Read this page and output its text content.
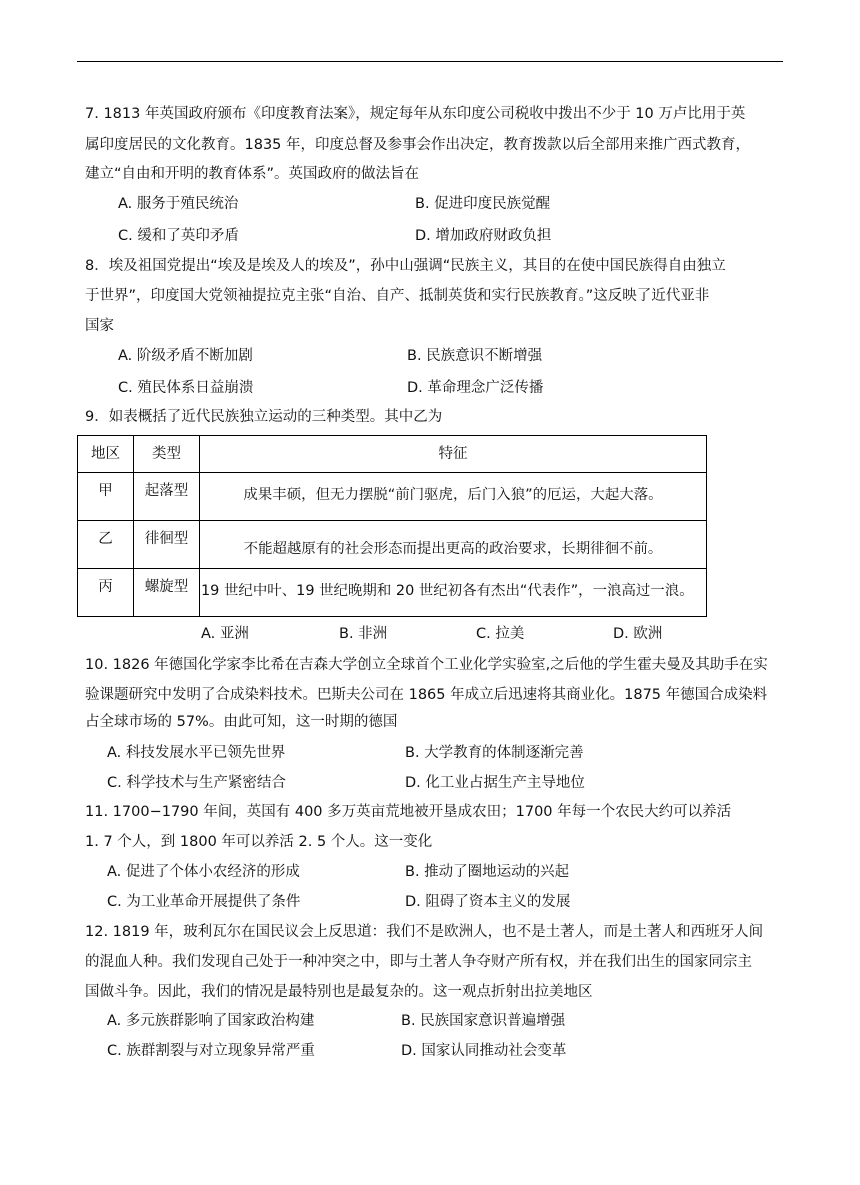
7. 1813 年英国政府颁布《印度教育法案》，规定每年从东印度公司税收中拨出不少于 10 万卢比用于英
属印度居民的文化教育。1835 年，印度总督及参事会作出决定，教育拨款以后全部用来推广西式教育，
建立“自由和开明的教育体系”。英国政府的做法旨在
A. 服务于殖民统治	B. 促进印度民族觉醒
C. 缓和了英印矛盾	D. 增加政府财政负担
8．埃及祖国党提出“埃及是埃及人的埃及”，孙中山强调“民族主义，其目的在使中国民族得自由独立
于世界”，印度国大党领袖提拉克主张“自治、自产、抵制英货和实行民族教育。”这反映了近代亚非
国家
A. 阶级矛盾不断加剧	B. 民族意识不断增强
C. 殖民体系日益崩溃	D. 革命理念广泛传播
9．如表概括了近代民族独立运动的三种类型。其中乙为
地区	类型	特征

甲	起落型	成果丰硕，但无力摆脱“前门驱虎，后门入狼”的厄运，大起大落。

乙	徘徊型	不能超越原有的社会形态而提出更高的政治要求，长期徘徊不前。

丙	螺旋型	19 世纪中叶、19 世纪晚期和 20 世纪初各有杰出“代表作”，一浪高过一浪。
A. 亚洲	B. 非洲	C. 拉美	D. 欧洲
10. 1826 年德国化学家李比希在吉森大学创立全球首个工业化学实验室,之后他的学生霍夫曼及其助手在实
验课题研究中发明了合成染料技术。巴斯夫公司在 1865 年成立后迅速将其商业化。1875 年德国合成染料
占全球市场的 57%。由此可知，这一时期的德国
A. 科技发展水平已领先世界	B. 大学教育的体制逐渐完善
C. 科学技术与生产紧密结合	D. 化工业占据生产主导地位
11. 1700−1790 年间，英国有 400 多万英亩荒地被开垦成农田；1700 年每一个农民大约可以养活
1. 7 个人，到 1800 年可以养活 2. 5 个人。这一变化
A. 促进了个体小农经济的形成	B. 推动了圈地运动的兴起
C. 为工业革命开展提供了条件	D. 阻碍了资本主义的发展
12. 1819 年，玻利瓦尔在国民议会上反思道：我们不是欧洲人，也不是土著人，而是土著人和西班牙人间
的混血人种。我们发现自己处于一种冲突之中，即与土著人争夺财产所有权，并在我们出生的国家同宗主
国做斗争。因此，我们的情况是最特别也是最复杂的。这一观点折射出拉美地区
A. 多元族群影响了国家政治构建	B. 民族国家意识普遍增强
C. 族群割裂与对立现象异常严重	D. 国家认同推动社会变革
